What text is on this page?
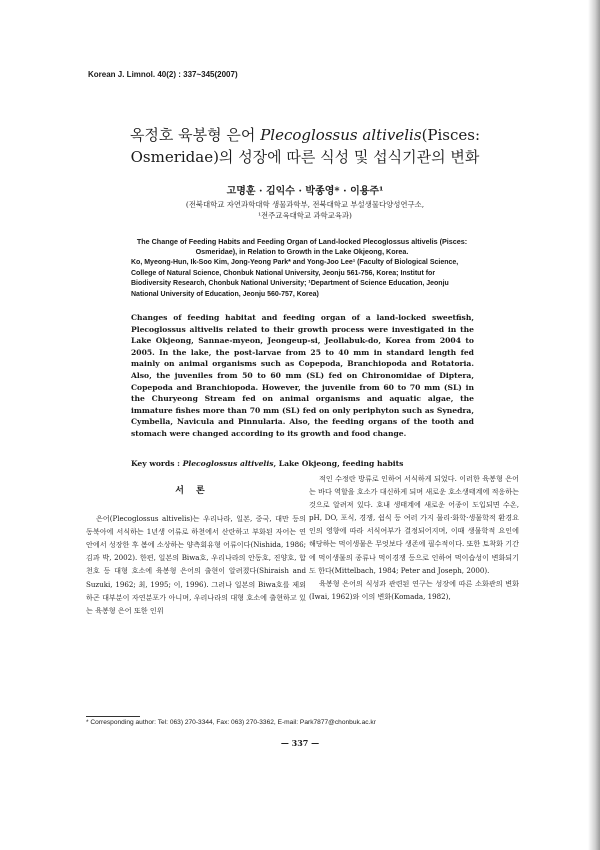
Korean J. Limnol. 40(2) : 337~345(2007)
옥정호 육봉형 은어 Plecoglossus altivelis(Pisces:
Osmeridae)의 성장에 따른 식성 및 섭식기관의 변화
고명훈 · 김익수 · 박종영* · 이용주¹
(전북대학교 자연과학대학 생물과학부, 전북대학교 부설생물다양성연구소,
¹전주교육대학교 과학교육과)
The Change of Feeding Habits and Feeding Organ of Land-locked Plecoglossus altivelis (Pisces: Osmeridae), in Relation to Growth in the Lake Okjeong, Korea.
Ko, Myeong-Hun, Ik-Soo Kim, Jong-Yeong Park* and Yong-Joo Lee¹ (Faculty of Biological Science, College of Natural Science, Chonbuk National University, Jeonju 561-756, Korea; Institut for Biodiversity Research, Chonbuk National University; ¹Department of Science Education, Jeonju National University of Education, Jeonju 560-757, Korea)

Changes of feeding habitat and feeding organ of a land-locked sweetfish, Plecoglossus altivelis related to their growth process were investigated in the Lake Okjeong, Sannae-myeon, Jeongeup-si, Jeollabuk-do, Korea from 2004 to 2005. In the lake, the post-larvae from 25 to 40 mm in standard length fed mainly on animal organisms such as Copepoda, Branchiopoda and Rotatoria. Also, the juveniles from 50 to 60 mm (SL) fed on Chironomidae of Diptera, Copepoda and Branchiopoda. However, the juvenile from 60 to 70 mm (SL) in the Churyeong Stream fed on animal organisms and aquatic algae, the immature fishes more than 70 mm (SL) fed on only periphyton such as Synedra, Cymbella, Navicula and Pinnularia. Also, the feeding organs of the tooth and stomach were changed according to its growth and food change.

Key words : Plecoglossus altivelis, Lake Okjeong, feeding habits
서론

은어(Plecoglossus altivelis)는 우리나라, 일본, 중국, 대만 등의 동북아에 서식하는 1년생 어류로 하천에서 산란하고 부화된 자어는 연안에서 성장한 후 봄에 소상하는 양측회유형 어류이다(Nishida, 1986; 김과 박, 2002). 한편, 일본의 Biwa호, 우리나라의 안동호, 진양호, 합천호 등 대형 호소에 육봉형 은어의 출현이 알려졌다(Shiraish and Suzuki, 1962; 최, 1995; 이, 1996). 그러나 일본의 Biwa호를 제외하곤 대부분이 자연분포가 아니며, 우리나라의 대형 호소에 출현하고 있는 육봉형 은어 또한 인위

적인 수정란 방류로 인하여 서식하게 되었다. 이러한 육봉형 은어는 바다 역할을 호소가 대신하게 되며 새로운 호소생태계에 적응하는 것으로 알려져 있다. 호내 생태계에 새로운 어종이 도입되면 수온, pH, DO, 포식, 경쟁, 쉼식 등 여러 가지 물리·화학·생물학적 환경요인의 영향에 따라 서식여부가 결정되어지며, 이때 생물학적 요인에 해당하는 먹이생물은 무엇보다 생존에 필수적이다. 또한 토착화 기간에 먹이생물의 종류나 먹이경쟁 등으로 인하여 먹이습성이 변화되기도 한다(Mittelbach, 1984; Peter and Joseph, 2000).

육봉형 은어의 식성과 관련된 연구는 성장에 따른 소화관의 변화(Iwai, 1962)와 이의 변화(Komada, 1982),

* Corresponding author: Tel: 063) 270-3344, Fax: 063) 270-3362, E-mail: Park7877@chonbuk.ac.kr
— 337 —
